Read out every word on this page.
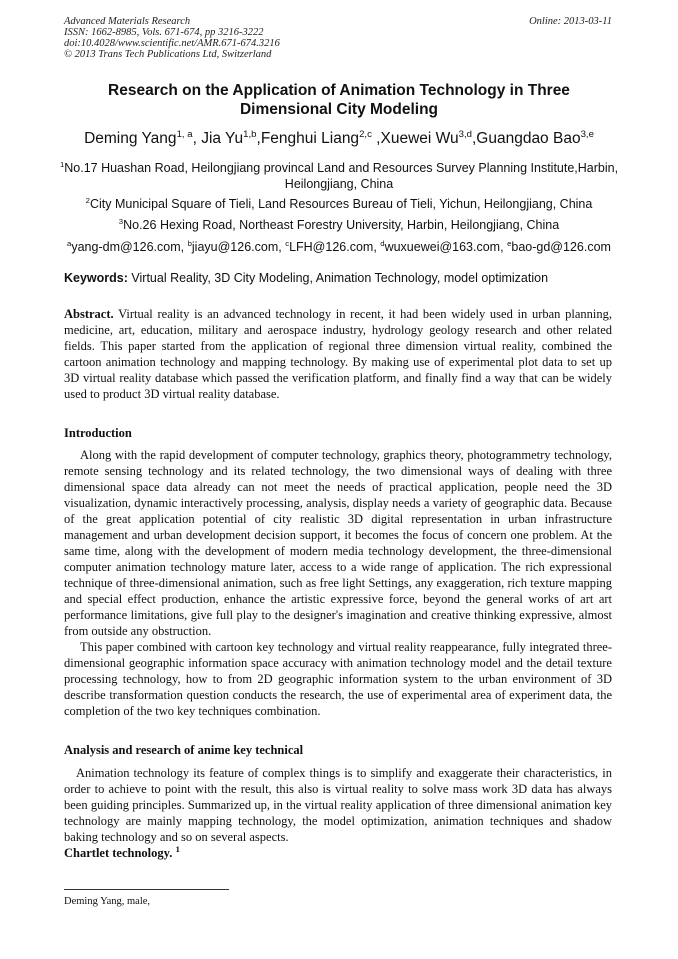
Advanced Materials Research
ISSN: 1662-8985, Vols. 671-674, pp 3216-3222
doi:10.4028/www.scientific.net/AMR.671-674.3216
© 2013 Trans Tech Publications Ltd, Switzerland
Online: 2013-03-11
Research on the Application of Animation Technology in Three Dimensional City Modeling
Deming Yang$^{1, a}$, Jia Yu$^{1,b}$,Fenghui Liang$^{2,c}$ ,Xuewei Wu$^{3,d}$,Guangdao Bao$^{3,e}$
$^1$No.17 Huashan Road, Heilongjiang provincal Land and Resources Survey Planning Institute,Harbin, Heilongjiang, China
$^2$City Municipal Square of Tieli, Land Resources Bureau of Tieli, Yichun, Heilongjiang, China
$^3$No.26 Hexing Road, Northeast Forestry University, Harbin, Heilongjiang, China
$^a$yang-dm@126.com, $^b$jiayu@126.com, $^c$LFH@126.com, $^d$wuxuewei@163.com, $^e$bao-gd@126.com
Keywords: Virtual Reality, 3D City Modeling, Animation Technology, model optimization
Abstract. Virtual reality is an advanced technology in recent, it had been widely used in urban planning, medicine, art, education, military and aerospace industry, hydrology geology research and other related fields. This paper started from the application of regional three dimension virtual reality, combined the cartoon animation technology and mapping technology. By making use of experimental plot data to set up 3D virtual reality database which passed the verification platform, and finally find a way that can be widely used to product 3D virtual reality database.
Introduction

Along with the rapid development of computer technology, graphics theory, photogrammetry technology, remote sensing technology and its related technology, the two dimensional ways of dealing with three dimensional space data already can not meet the needs of practical application, people need the 3D visualization, dynamic interactively processing, analysis, display needs a variety of geographic data. Because of the great application potential of city realistic 3D digital representation in urban infrastructure management and urban development decision support, it becomes the focus of concern one problem. At the same time, along with the development of modern media technology development, the three-dimensional computer animation technology mature later, access to a wide range of application. The rich expressional technique of three-dimensional animation, such as free light Settings, any exaggeration, rich texture mapping and special effect production, enhance the artistic expressive force, beyond the general works of art art performance limitations, give full play to the designer's imagination and creative thinking expressive, almost from outside any obstruction.

This paper combined with cartoon key technology and virtual reality reappearance, fully integrated three-dimensional geographic information space accuracy with animation technology model and the detail texture processing technology, how to from 2D geographic information system to the urban environment of 3D describe transformation question conducts the research, the use of experimental area of experiment data, the completion of the two key techniques combination.

Analysis and research of anime key technical

Animation technology its feature of complex things is to simplify and exaggerate their characteristics, in order to achieve to point with the result, this also is virtual reality to solve mass work 3D data has always been guiding principles. Summarized up, in the virtual reality application of three dimensional animation key technology are mainly mapping technology, the model optimization, animation techniques and shadow baking technology and so on several aspects.

Chartlet technology. $^1$
Deming Yang, male,
